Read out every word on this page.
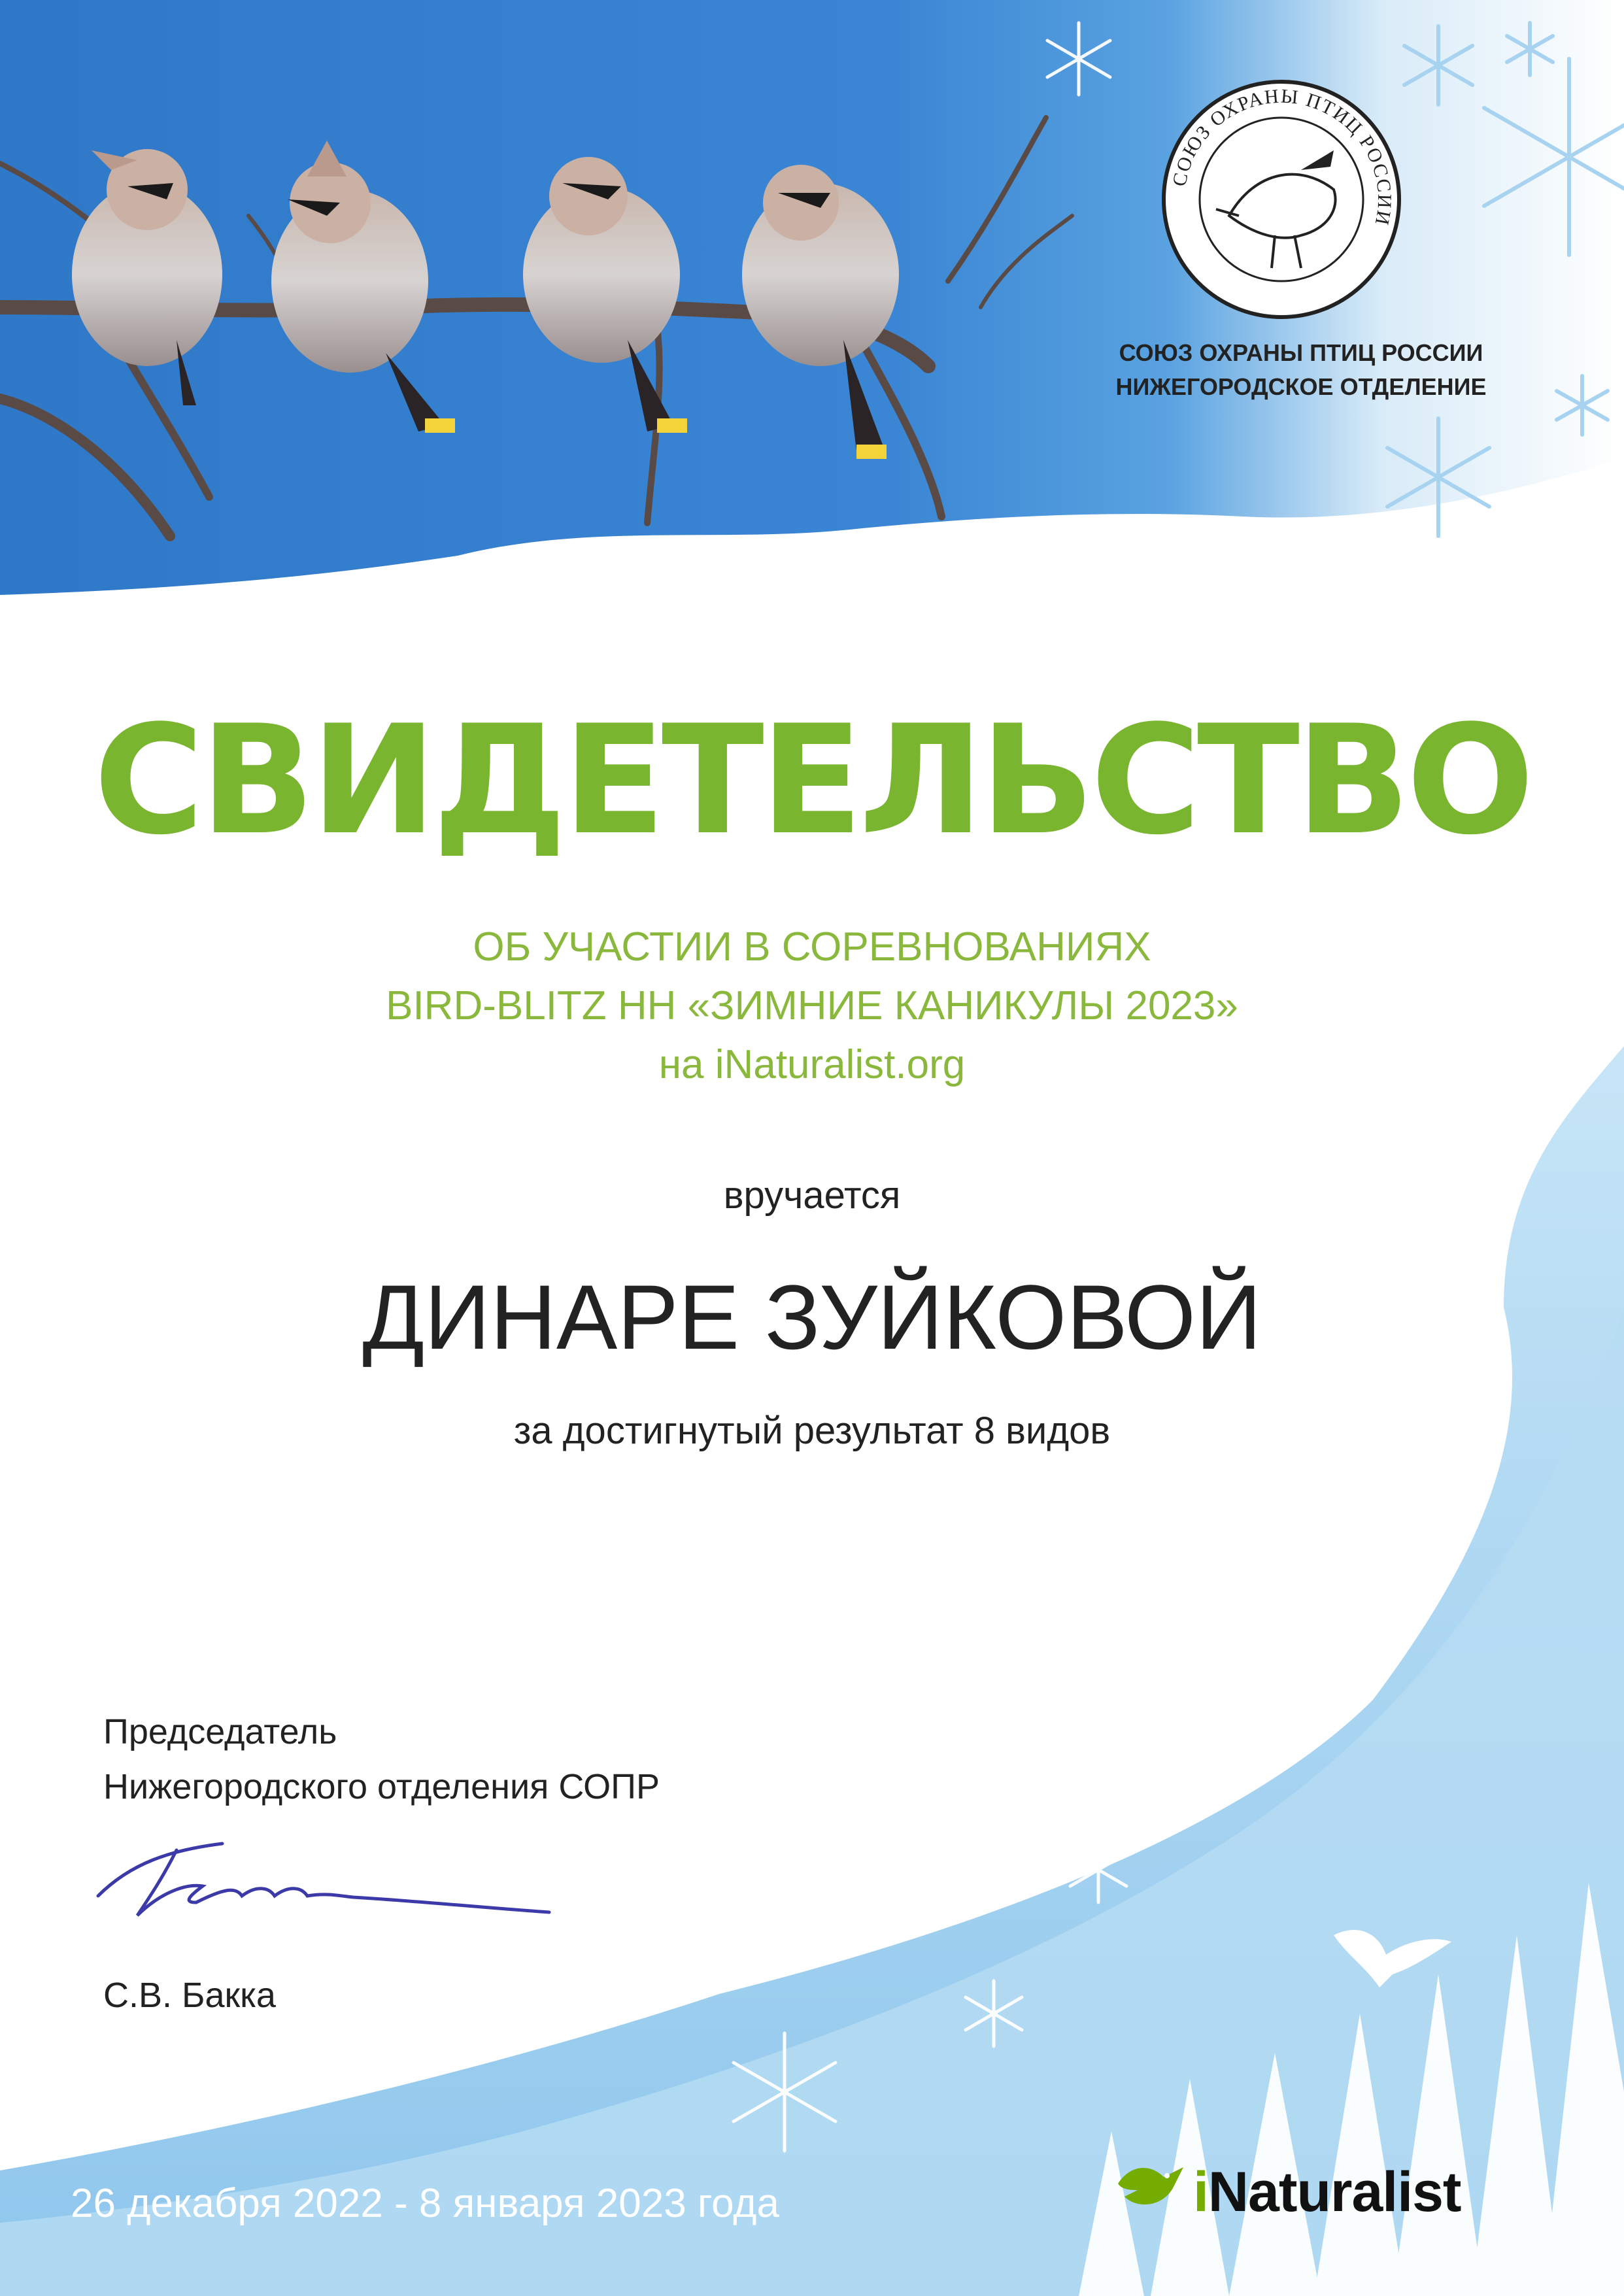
СОЮЗ ОХРАНЫ ПТИЦ РОССИИ
СОЮЗ ОХРАНЫ ПТИЦ РОССИИ
НИЖЕГОРОДСКОЕ ОТДЕЛЕНИЕ
СВИДЕТЕЛЬСТВО
ОБ УЧАСТИИ В СОРЕВНОВАНИЯХ
BIRD-BLITZ НН «ЗИМНИЕ КАНИКУЛЫ 2023»
на iNaturalist.org
вручается
ДИНАРЕ ЗУЙКОВОЙ
за достигнутый результат 8 видов
Председатель
Нижегородского отделения СОПР
С.В. Бакка
26 декабря 2022 - 8 января 2023 года	iNaturalist
